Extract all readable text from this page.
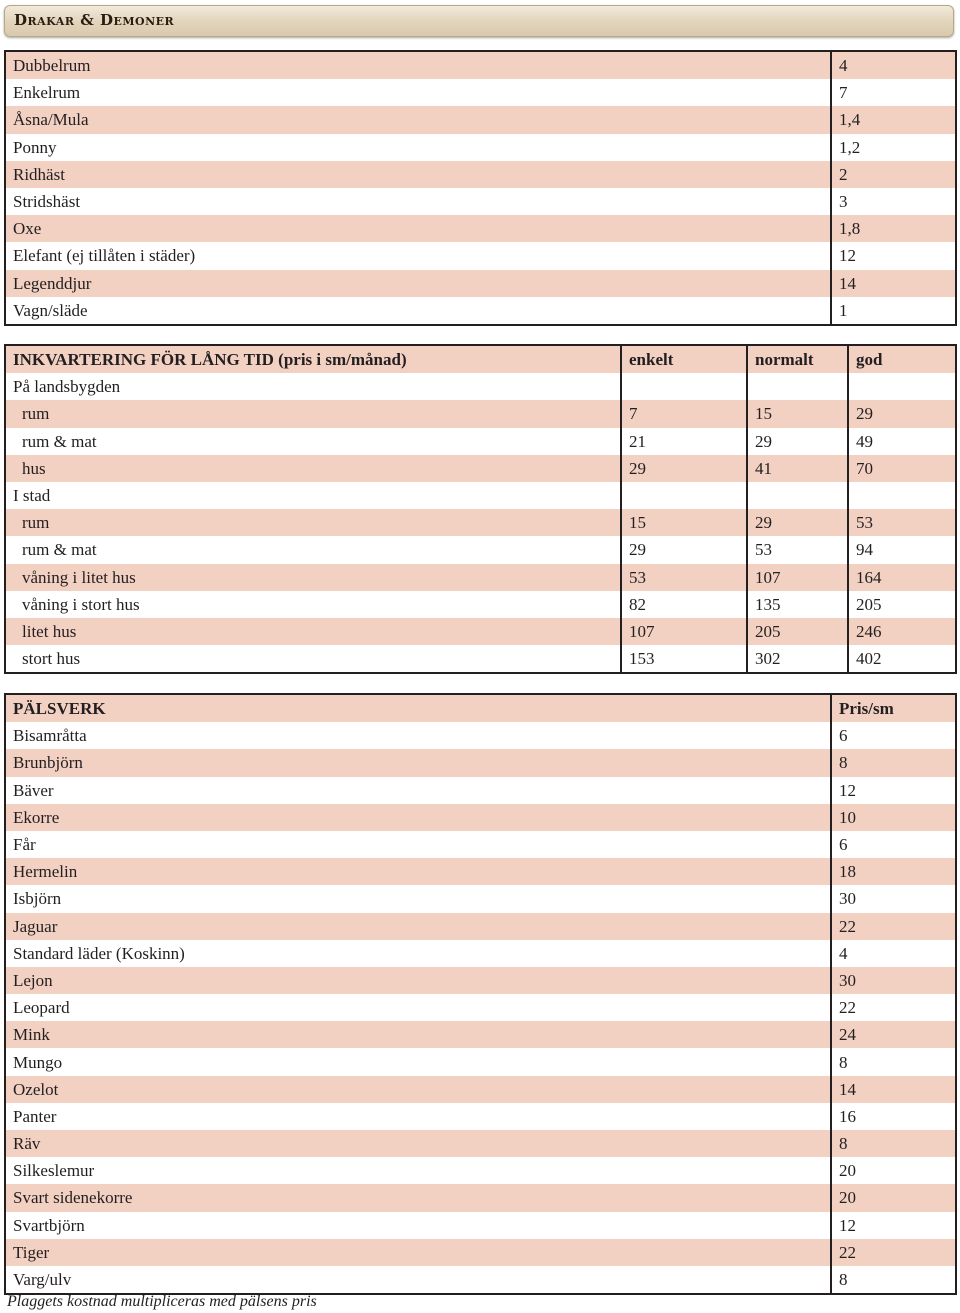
Drakar & Demoner
Dubbelrum	4
Enkelrum	7
Åsna/Mula	1,4
Ponny	1,2
Ridhäst	2
Stridshäst	3
Oxe	1,8
Elefant (ej tillåten i städer)	12
Legenddjur	14
Vagn/släde	1
INKVARTERING FÖR LÅNG TID (pris i sm/månad)	enkelt	normalt	god
På landsbygden			
rum	7	15	29
rum & mat	21	29	49
hus	29	41	70
I stad			
rum	15	29	53
rum & mat	29	53	94
våning i litet hus	53	107	164
våning i stort hus	82	135	205
litet hus	107	205	246
stort hus	153	302	402
PÄLSVERK	Pris/sm
Bisamråtta	6
Brunbjörn	8
Bäver	12
Ekorre	10
Får	6
Hermelin	18
Isbjörn	30
Jaguar	22
Standard läder (Koskinn)	4
Lejon	30
Leopard	22
Mink	24
Mungo	8
Ozelot	14
Panter	16
Räv	8
Silkeslemur	20
Svart sidenekorre	20
Svartbjörn	12
Tiger	22
Varg/ulv	8
Plaggets kostnad multipliceras med pälsens pris
